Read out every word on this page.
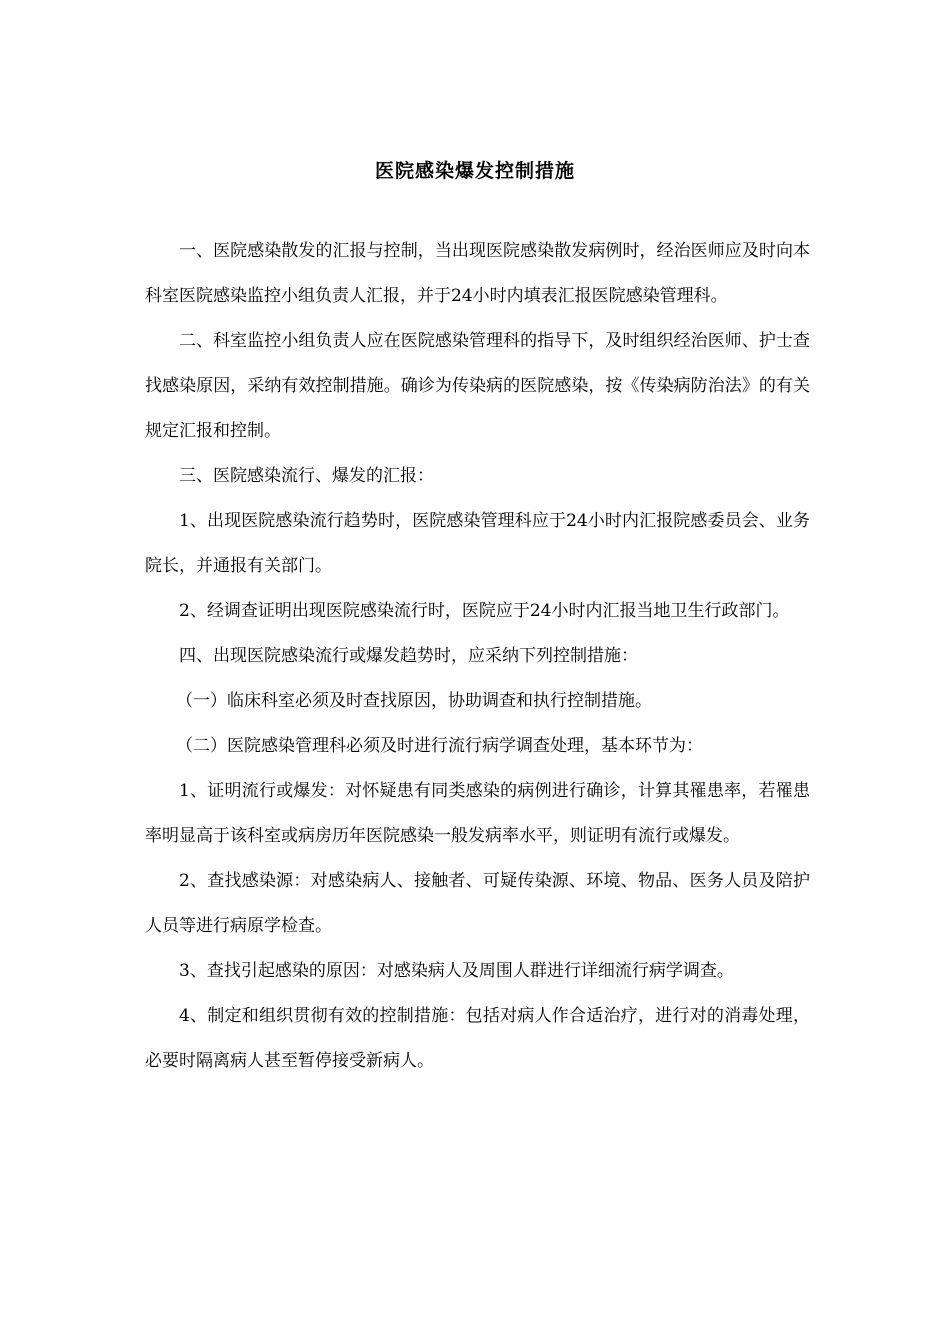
医院感染爆发控制措施

一、医院感染散发的汇报与控制，当出现医院感染散发病例时，经治医师应及时向本科室医院感染监控小组负责人汇报，并于24小时内填表汇报医院感染管理科。

二、科室监控小组负责人应在医院感染管理科的指导下，及时组织经治医师、护士查找感染原因，采纳有效控制措施。确诊为传染病的医院感染，按《传染病防治法》的有关规定汇报和控制。

三、医院感染流行、爆发的汇报：

1、出现医院感染流行趋势时，医院感染管理科应于24小时内汇报院感委员会、业务院长，并通报有关部门。

2、经调查证明出现医院感染流行时，医院应于24小时内汇报当地卫生行政部门。

四、出现医院感染流行或爆发趋势时，应采纳下列控制措施：

（一）临床科室必须及时查找原因，协助调查和执行控制措施。

（二）医院感染管理科必须及时进行流行病学调查处理，基本环节为：

1、证明流行或爆发：对怀疑患有同类感染的病例进行确诊，计算其罹患率，若罹患率明显高于该科室或病房历年医院感染一般发病率水平，则证明有流行或爆发。

2、查找感染源：对感染病人、接触者、可疑传染源、环境、物品、医务人员及陪护人员等进行病原学检查。

3、查找引起感染的原因：对感染病人及周围人群进行详细流行病学调查。

4、制定和组织贯彻有效的控制措施：包括对病人作合适治疗，进行对的消毒处理，必要时隔离病人甚至暂停接受新病人。
